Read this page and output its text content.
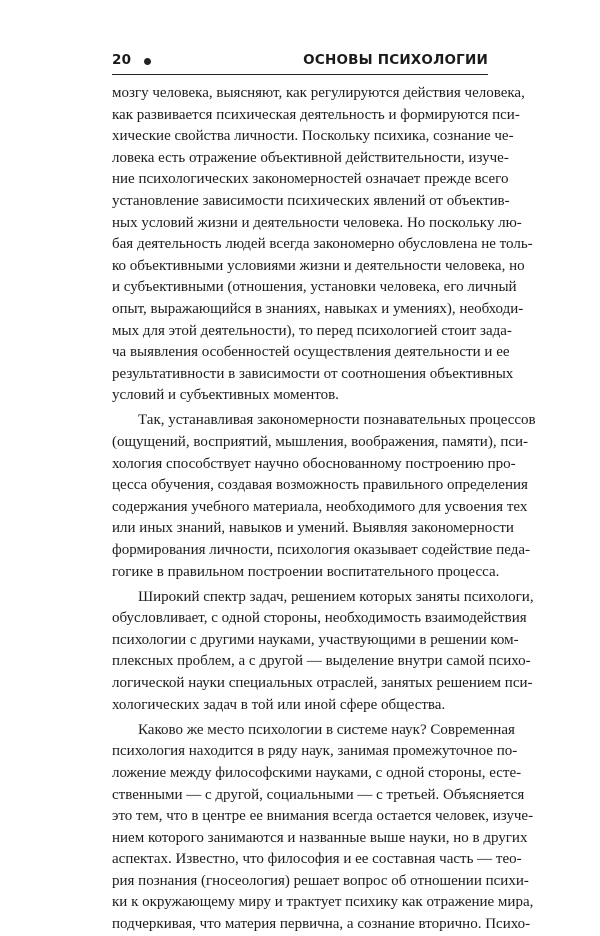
20	ОСНОВЫ ПСИХОЛОГИИ
мозгу человека, выясняют, как регулируются действия человека,
как развивается психическая деятельность и формируются пси-
хические свойства личности. Поскольку психика, сознание че-
ловека есть отражение объективной действительности, изуче-
ние психологических закономерностей означает прежде всего
установление зависимости психических явлений от объектив-
ных условий жизни и деятельности человека. Но поскольку лю-
бая деятельность людей всегда закономерно обусловлена не толь-
ко объективными условиями жизни и деятельности человека, но
и субъективными (отношения, установки человека, его личный
опыт, выражающийся в знаниях, навыках и умениях), необходи-
мых для этой деятельности), то перед психологией стоит зада-
ча выявления особенностей осуществления деятельности и ее
результативности в зависимости от соотношения объективных
условий и субъективных моментов.
Так, устанавливая закономерности познавательных процессов
(ощущений, восприятий, мышления, воображения, памяти), пси-
хология способствует научно обоснованному построению про-
цесса обучения, создавая возможность правильного определения
содержания учебного материала, необходимого для усвоения тех
или иных знаний, навыков и умений. Выявляя закономерности
формирования личности, психология оказывает содействие педа-
гогике в правильном построении воспитательного процесса.
Широкий спектр задач, решением которых заняты психологи,
обусловливает, с одной стороны, необходимость взаимодействия
психологии с другими науками, участвующими в решении ком-
плексных проблем, а с другой — выделение внутри самой психо-
логической науки специальных отраслей, занятых решением пси-
хологических задач в той или иной сфере общества.
Каково же место психологии в системе наук? Современная
психология находится в ряду наук, занимая промежуточное по-
ложение между философскими науками, с одной стороны, есте-
ственными — с другой, социальными — с третьей. Объясняется
это тем, что в центре ее внимания всегда остается человек, изуче-
нием которого занимаются и названные выше науки, но в других
аспектах. Известно, что философия и ее составная часть — тео-
рия познания (гносеология) решает вопрос об отношении психи-
ки к окружающему миру и трактует психику как отражение мира,
подчеркивая, что материя первична, а сознание вторично. Психо-
